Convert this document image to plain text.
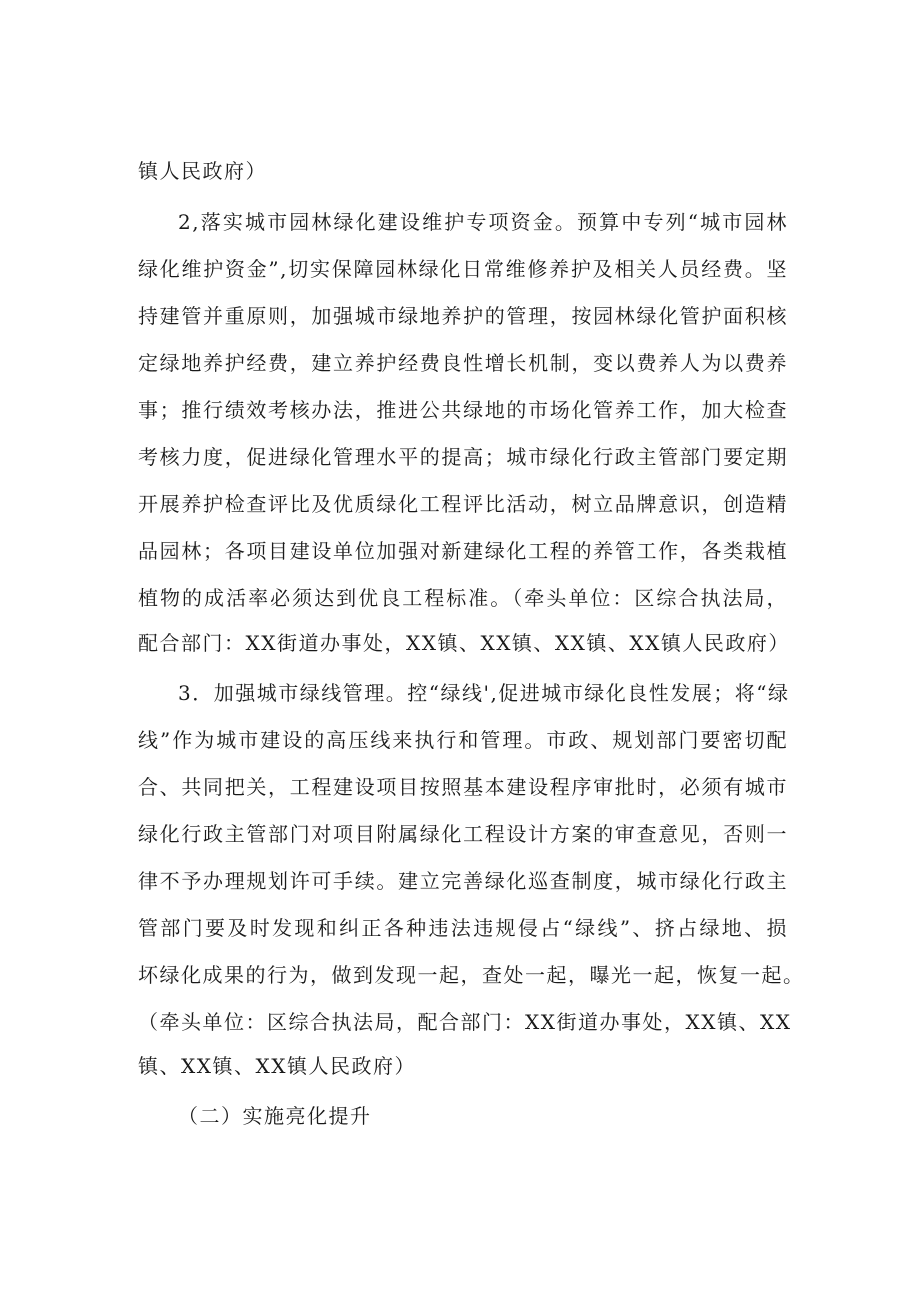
镇人民政府）

2,落实城市园林绿化建设维护专项资金。预算中专列“城市园林

绿化维护资金”,切实保障园林绿化日常维修养护及相关人员经费。坚

持建管并重原则，加强城市绿地养护的管理，按园林绿化管护面积核

定绿地养护经费，建立养护经费良性增长机制，变以费养人为以费养

事；推行绩效考核办法，推进公共绿地的市场化管养工作，加大检查

考核力度，促进绿化管理水平的提高；城市绿化行政主管部门要定期

开展养护检查评比及优质绿化工程评比活动，树立品牌意识，创造精

品园林；各项目建设单位加强对新建绿化工程的养管工作，各类栽植

植物的成活率必须达到优良工程标准。（牵头单位：区综合执法局，

配合部门：XX街道办事处，XX镇、XX镇、XX镇、XX镇人民政府）

3．加强城市绿线管理。控“绿线',促进城市绿化良性发展；将“绿

线”作为城市建设的高压线来执行和管理。市政、规划部门要密切配

合、共同把关，工程建设项目按照基本建设程序审批时，必须有城市

绿化行政主管部门对项目附属绿化工程设计方案的审查意见，否则一

律不予办理规划许可手续。建立完善绿化巡查制度，城市绿化行政主

管部门要及时发现和纠正各种违法违规侵占“绿线”、挤占绿地、损

坏绿化成果的行为，做到发现一起，查处一起，曝光一起，恢复一起。

（牵头单位：区综合执法局，配合部门：XX街道办事处，XX镇、XX

镇、XX镇、XX镇人民政府）

（二）实施亮化提升
